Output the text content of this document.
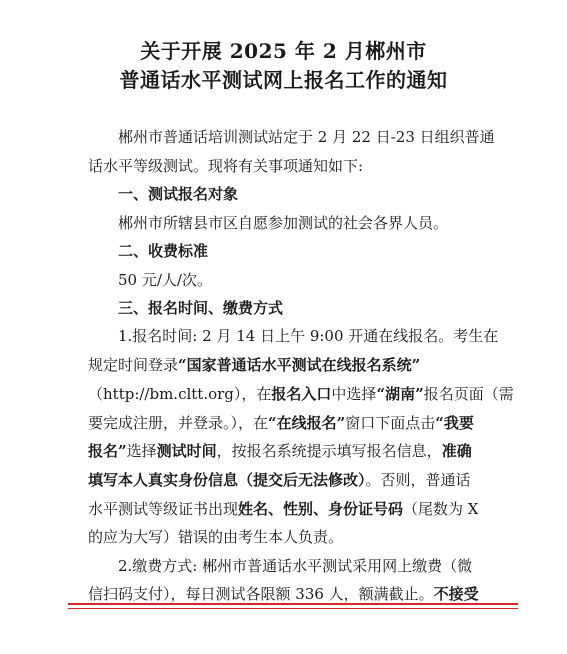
关于开展 2025 年 2 月郴州市
普通话水平测试网上报名工作的通知
郴州市普通话培训测试站定于 2 月 22 日-23 日组织普通
话水平等级测试。现将有关事项通知如下:
一、测试报名对象
郴州市所辖县市区自愿参加测试的社会各界人员。
二、收费标准
50 元/人/次。
三、报名时间、缴费方式
1.报名时间: 2 月 14 日上午 9:00 开通在线报名。考生在
规定时间登录“国家普通话水平测试在线报名系统”
（http://bm.cltt.org），在报名入口中选择“湖南”报名页面（需
要完成注册，并登录。），在“在线报名”窗口下面点击“我要
报名”选择测试时间，按报名系统提示填写报名信息，准确
填写本人真实身份信息（提交后无法修改）。否则，普通话
水平测试等级证书出现姓名、性别、身份证号码（尾数为 X
的应为大写）错误的由考生本人负责。
2.缴费方式: 郴州市普通话水平测试采用网上缴费（微
信扫码支付），每日测试各限额 336 人，额满截止。不接受
